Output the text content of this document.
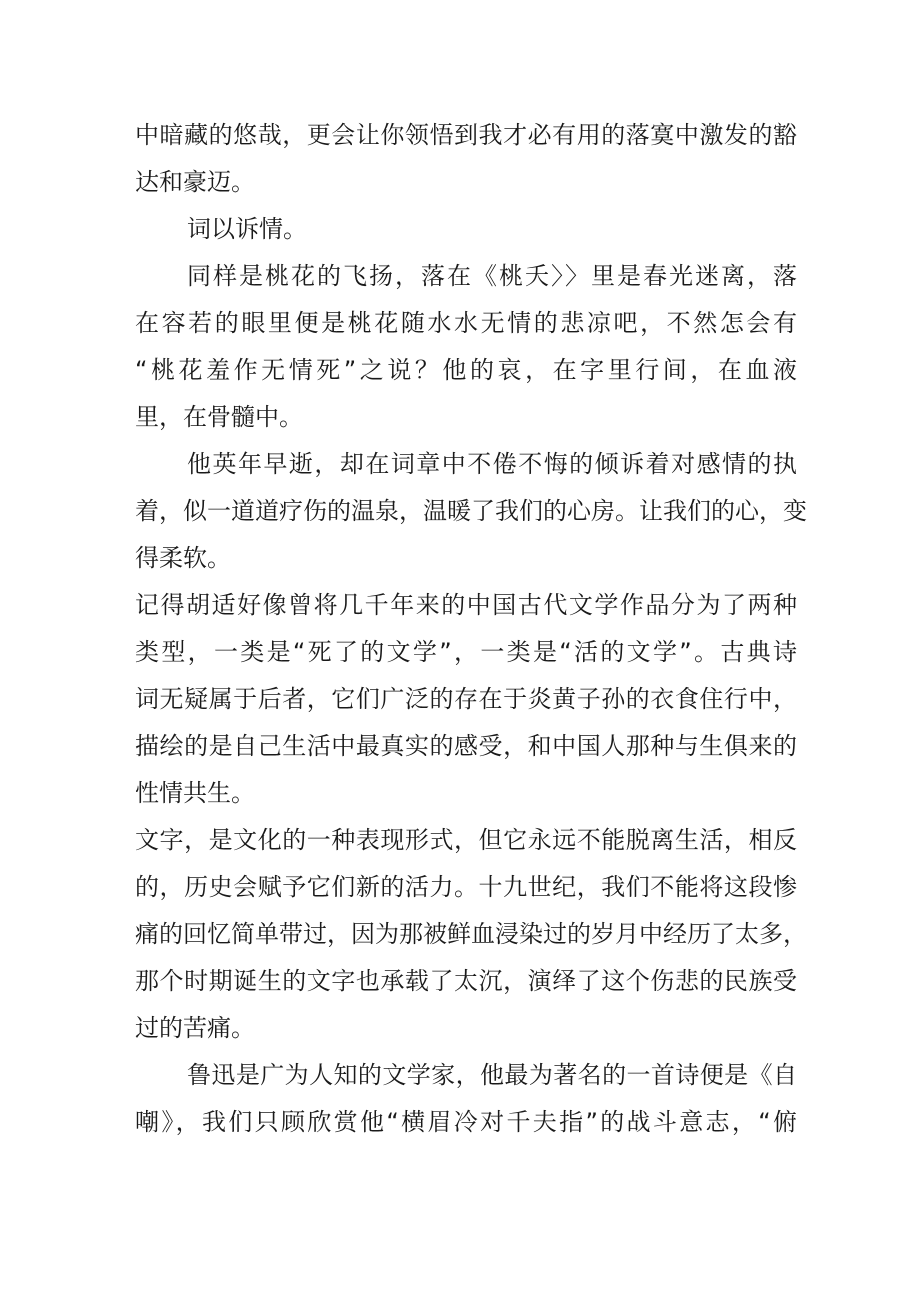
中暗藏的悠哉，更会让你领悟到我才必有用的落寞中激发的豁
达和豪迈。
词以诉情。
同样是桃花的飞扬，落在《桃夭〉〉里是春光迷离，落
在容若的眼里便是桃花随水水无情的悲凉吧，不然怎会有
“桃花羞作无情死”之说？他的哀，在字里行间，在血液
里，在骨髓中。
他英年早逝，却在词章中不倦不悔的倾诉着对感情的执
着，似一道道疗伤的温泉，温暖了我们的心房。让我们的心，变
得柔软。
记得胡适好像曾将几千年来的中国古代文学作品分为了两种
类型，一类是“死了的文学”，一类是“活的文学”。古典诗
词无疑属于后者，它们广泛的存在于炎黄子孙的衣食住行中，
描绘的是自己生活中最真实的感受，和中国人那种与生俱来的
性情共生。
文字，是文化的一种表现形式，但它永远不能脱离生活，相反
的，历史会赋予它们新的活力。十九世纪，我们不能将这段惨
痛的回忆简单带过，因为那被鲜血浸染过的岁月中经历了太多，
那个时期诞生的文字也承载了太沉，演绎了这个伤悲的民族受
过的苦痛。
鲁迅是广为人知的文学家，他最为著名的一首诗便是《自
嘲》，我们只顾欣赏他“横眉冷对千夫指”的战斗意志，“俯
